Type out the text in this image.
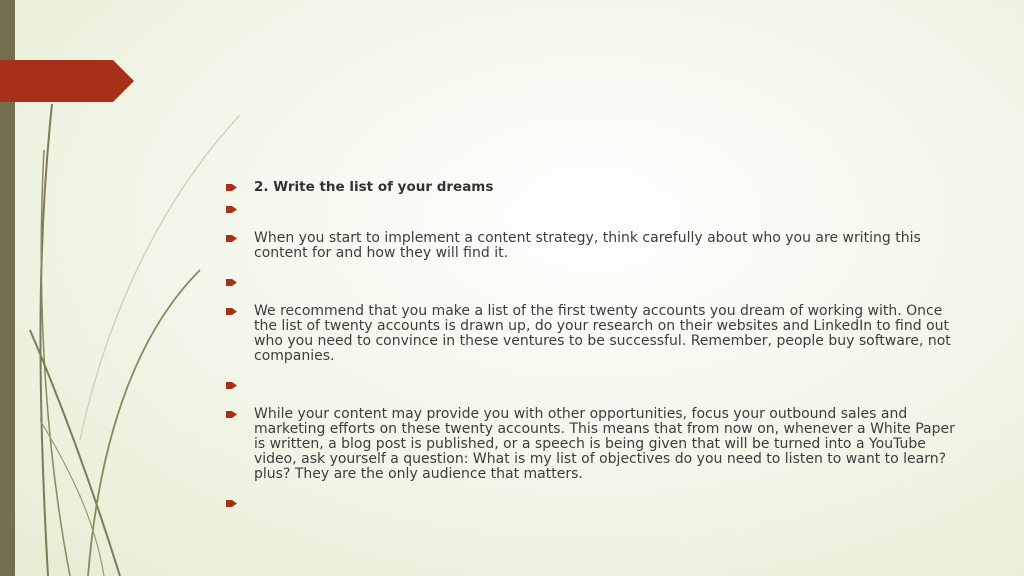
2. Write the list of your dreams
When you start to implement a content strategy, think carefully about who you are writing this content for and how they will find it.
We recommend that you make a list of the first twenty accounts you dream of working with. Once the list of twenty accounts is drawn up, do your research on their websites and LinkedIn to find out who you need to convince in these ventures to be successful. Remember, people buy software, not companies.
While your content may provide you with other opportunities, focus your outbound sales and marketing efforts on these twenty accounts. This means that from now on, whenever a White Paper is written, a blog post is published, or a speech is being given that will be turned into a YouTube video, ask yourself a question: What is my list of objectives do you need to listen to want to learn? plus? They are the only audience that matters.
